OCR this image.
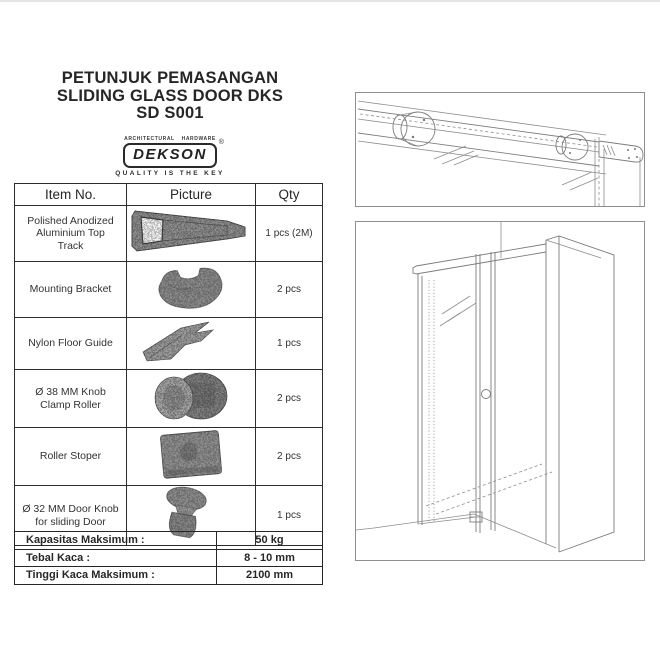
PETUNJUK PEMASANGAN
SLIDING GLASS DOOR DKS
SD S001
ARCHITECTURAL HARDWARE
DEKSON
®
QUALITY IS THE KEY
Item No.	Picture	Qty
Polished Anodized Aluminium Top Track		1 pcs (2M)
Mounting Bracket		2 pcs
Nylon Floor Guide		1 pcs
Ø 38 MM Knob Clamp Roller		2 pcs
Roller Stoper		2 pcs
Ø 32 MM Door Knob for sliding Door		1 pcs
Kapasitas Maksimum :	50 kg
Tebal Kaca :	8 - 10 mm
Tinggi Kaca Maksimum :	2100 mm
